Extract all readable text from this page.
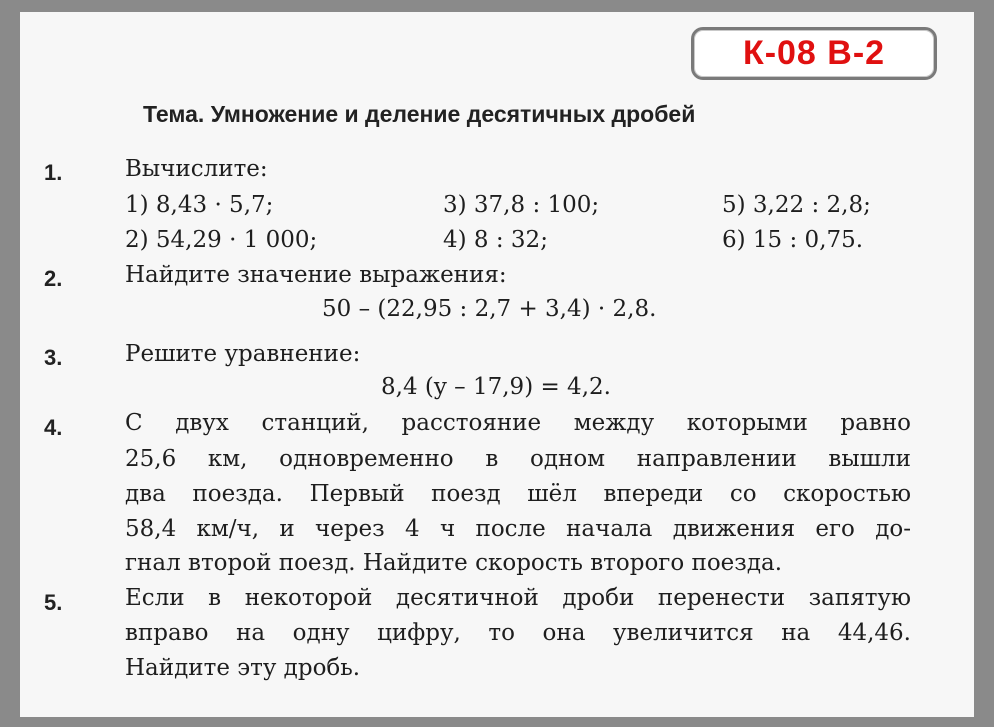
К-08 В-2
Тема. Умножение и деление десятичных дробей
1.	Вычислите:
1) 8,43 · 5,7;	3) 37,8 : 100;	5) 3,22 : 2,8;
2) 54,29 · 1 000;	4) 8 : 32;	6) 15 : 0,75.
2.	Найдите значение выражения:
50 – (22,95 : 2,7 + 3,4) · 2,8.
3.	Решите уравнение:
8,4 (y – 17,9) = 4,2.
4.	С двух станций, расстояние между которыми равно
25,6 км, одновременно в одном направлении вышли
два поезда. Первый поезд шёл впереди со скоростью
58,4 км/ч, и через 4 ч после начала движения его до-
гнал второй поезд. Найдите скорость второго поезда.
5.	Если в некоторой десятичной дроби перенести запятую
вправо на одну цифру, то она увеличится на 44,46.
Найдите эту дробь.
